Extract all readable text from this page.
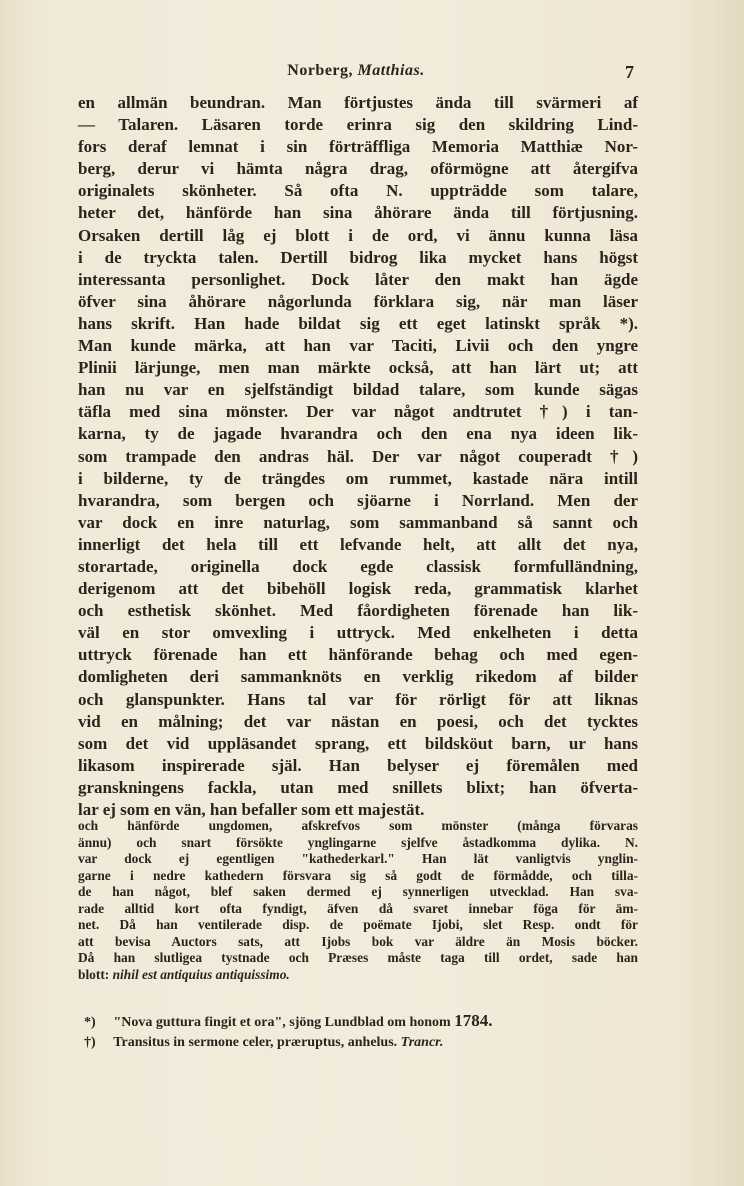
Norberg, Matthias.	7
en allmän beundran. Man förtjustes ända till svärmeri af
— Talaren. Läsaren torde erinra sig den skildring Lind-
fors deraf lemnat i sin förträffliga Memoria Matthiæ Nor-
berg, derur vi hämta några drag, oförmögne att återgifva
originalets skönheter. Så ofta N. uppträdde som talare,
heter det, hänförde han sina åhörare ända till förtjusning.
Orsaken dertill låg ej blott i de ord, vi ännu kunna läsa
i de tryckta talen. Dertill bidrog lika mycket hans högst
interessanta personlighet. Dock låter den makt han ägde
öfver sina åhörare någorlunda förklara sig, när man läser
hans skrift. Han hade bildat sig ett eget latinskt språk *).
Man kunde märka, att han var Taciti, Livii och den yngre
Plinii lärjunge, men man märkte också, att han lärt ut; att
han nu var en sjelfständigt bildad talare, som kunde sägas
täfla med sina mönster. Der var något andtrutet †) i tan-
karna, ty de jagade hvarandra och den ena nya ideen lik-
som trampade den andras häl. Der var något couperadt †)
i bilderne, ty de trängdes om rummet, kastade nära intill
hvarandra, som bergen och sjöarne i Norrland. Men der
var dock en inre naturlag, som sammanband så sannt och
innerligt det hela till ett lefvande helt, att allt det nya,
storartade, originella dock egde classisk formfulländning,
derigenom att det bibehöll logisk reda, grammatisk klarhet
och esthetisk skönhet. Med fåordigheten förenade han lik-
väl en stor omvexling i uttryck. Med enkelheten i detta
uttryck förenade han ett hänförande behag och med egen-
domligheten deri sammanknöts en verklig rikedom af bilder
och glanspunkter. Hans tal var för rörligt för att liknas
vid en målning; det var nästan en poesi, och det tycktes
som det vid uppläsandet sprang, ett bildsköut barn, ur hans
likasom inspirerade själ. Han belyser ej föremålen med
granskningens fackla, utan med snillets blixt; han öfverta-
lar ej som en vän, han befaller som ett majestät.
och hänförde ungdomen, afskrefvos som mönster (många förvaras
ännu) och snart försökte ynglingarne sjelfve åstadkomma dylika. N.
var dock ej egentligen "kathederkarl." Han lät vanligtvis ynglin-
garne i nedre kathedern försvara sig så godt de förmådde, och tilla-
de han något, blef saken dermed ej synnerligen utvecklad. Han sva-
rade alltid kort ofta fyndigt, äfven då svaret innebar föga för äm-
net. Då han ventilerade disp. de poëmate Ijobi, slet Resp. ondt för
att bevisa Auctors sats, att Ijobs bok var äldre än Mosis böcker.
Då han slutligea tystnade och Præses måste taga till ordet, sade han
blott: nihil est antiquius antiquissimo.
*) "Nova guttura fingit et ora", sjöng Lundblad om honom 1784.
†) Transitus in sermone celer, præruptus, anhelus. Trancr.
